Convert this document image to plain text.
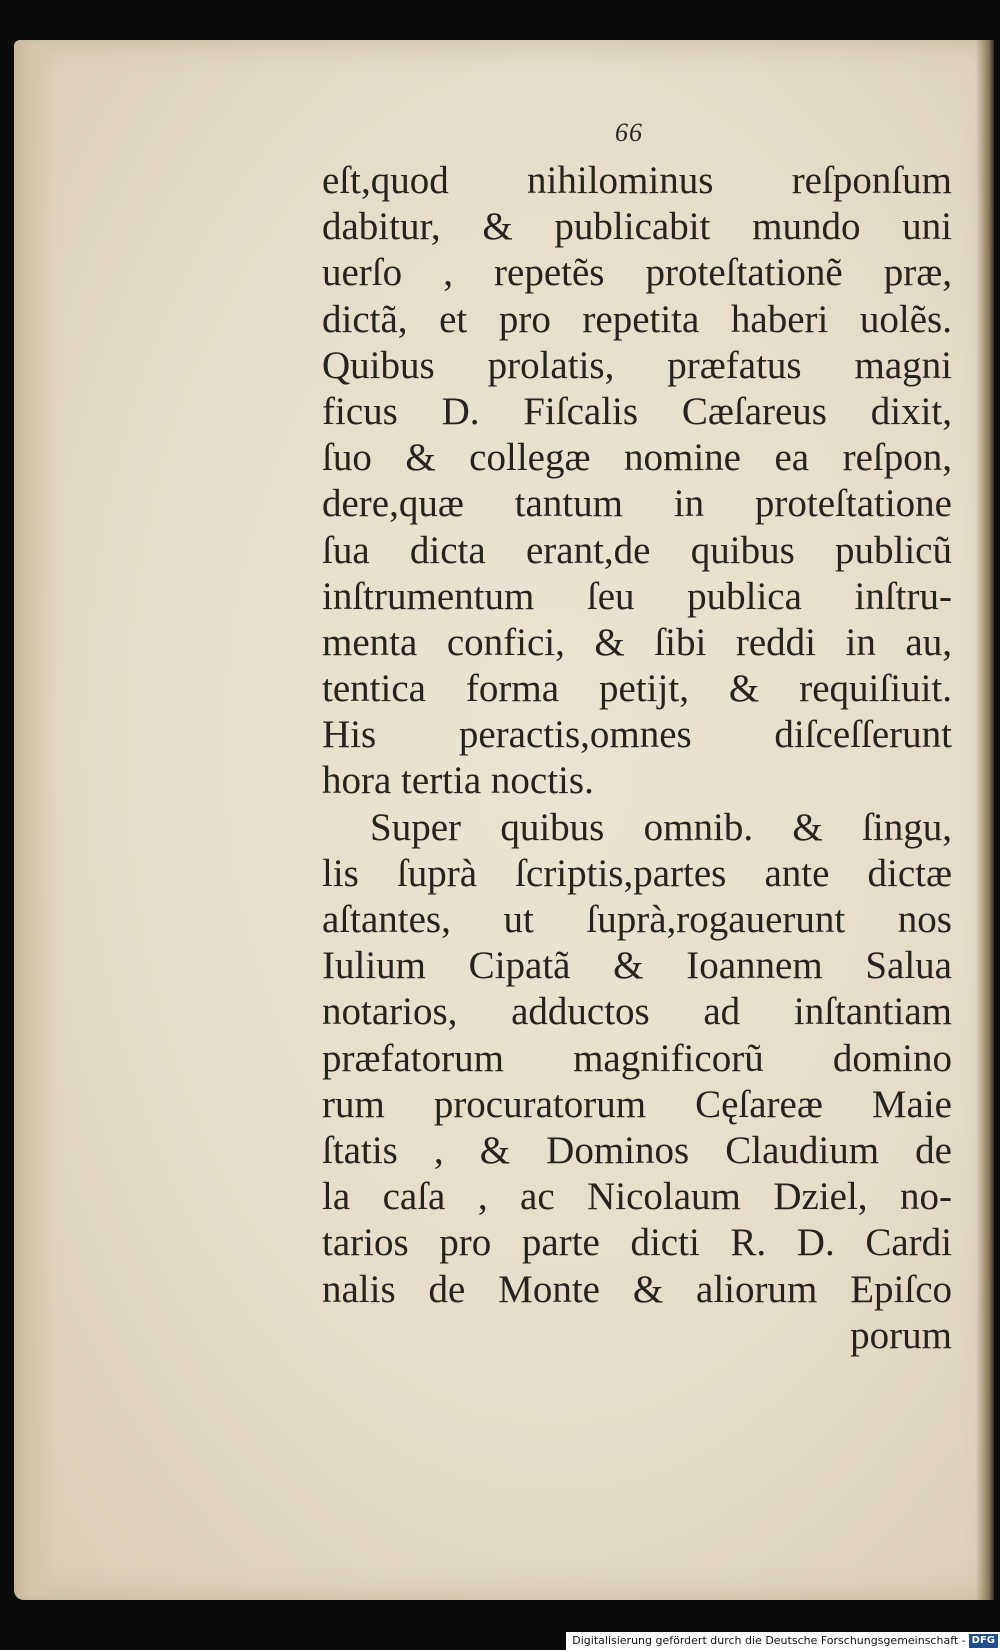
66
eſt,quod nihilominus reſponſum
dabitur, & publicabit mundo uni
uerſo , repetẽs proteſtationẽ præ,
dictã, et pro repetita haberi uolẽs.
Quibus prolatis, præfatus magni
ficus D. Fiſcalis Cæſareus dixit,
ſuo & collegæ nomine ea reſpon,
dere,quæ tantum in proteſtatione
ſua dicta erant,de quibus publicũ
inſtrumentum ſeu publica inſtru-
menta confici, & ſibi reddi in au,
tentica forma petijt, & requiſiuit.
His peractis,omnes diſceſſerunt
hora tertia noctis.
Super quibus omnib. & ſingu,
lis ſuprà ſcriptis,partes ante dictæ
aſtantes, ut ſuprà,rogauerunt nos
Iulium Cipatã & Ioannem Salua
notarios, adductos ad inſtantiam
præfatorum magnificorũ domino
rum procuratorum Cęſareæ Maie
ſtatis , & Dominos Claudium de
la caſa , ac Nicolaum Dziel, no-
tarios pro parte dicti R. D. Cardi
nalis de Monte & aliorum Epiſco
porum
Digitalisierung gefördert durch die Deutsche Forschungsgemeinschaft - DFG
